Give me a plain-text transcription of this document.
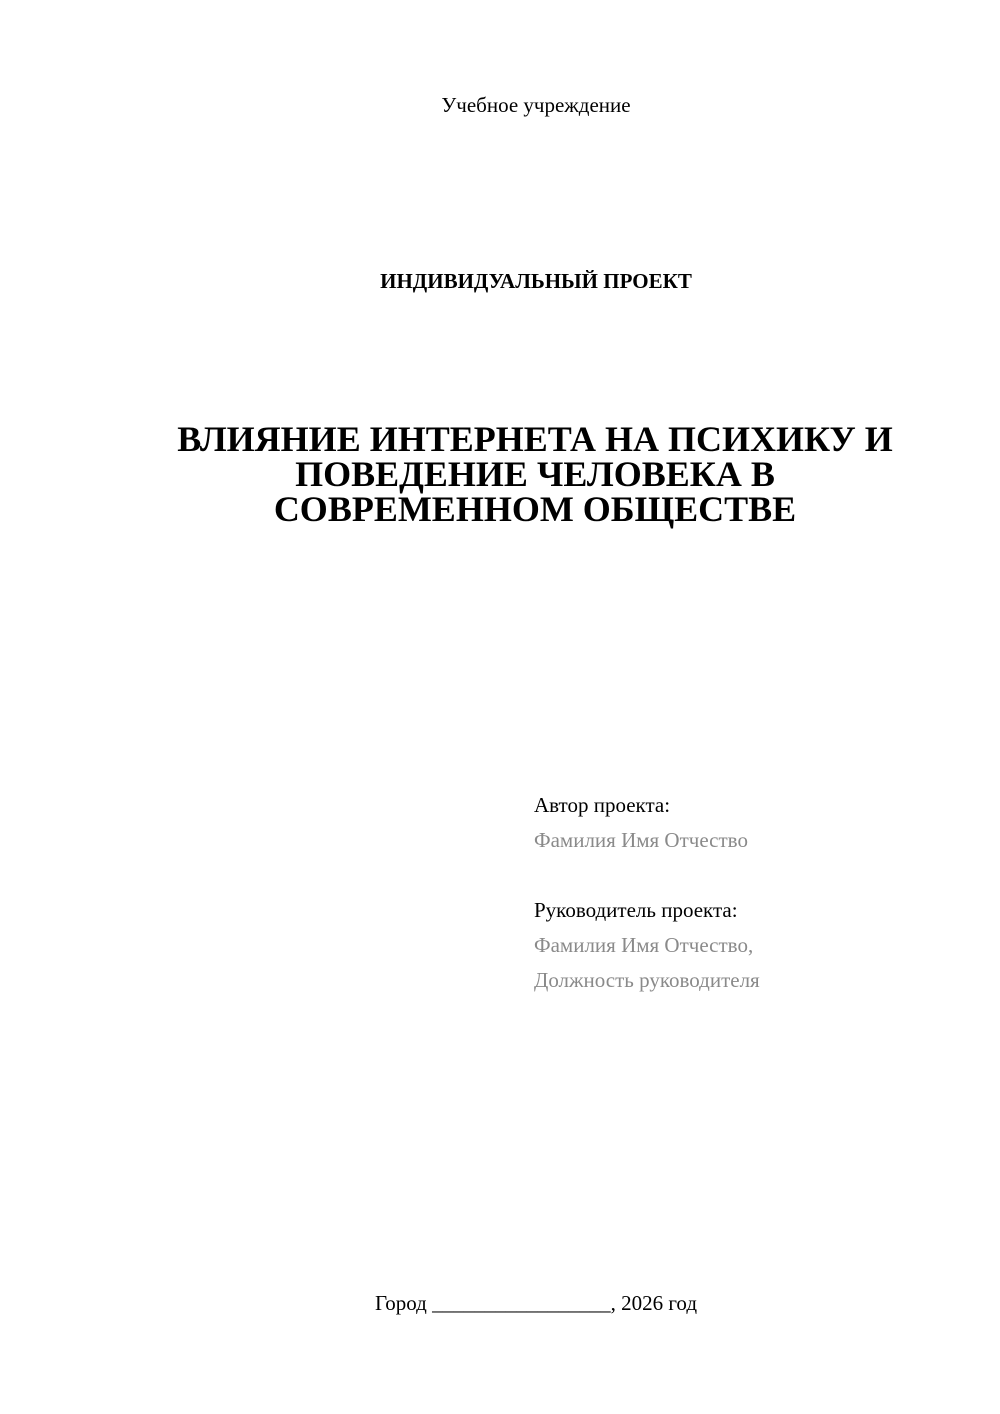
Учебное учреждение
ИНДИВИДУАЛЬНЫЙ ПРОЕКТ
ВЛИЯНИЕ ИНТЕРНЕТА НА ПСИХИКУ И
ПОВЕДЕНИЕ ЧЕЛОВЕКА В
СОВРЕМЕННОМ ОБЩЕСТВЕ
Автор проекта:
Фамилия Имя Отчество
Руководитель проекта:
Фамилия Имя Отчество,
Должность руководителя
Город _________________, 2026 год
